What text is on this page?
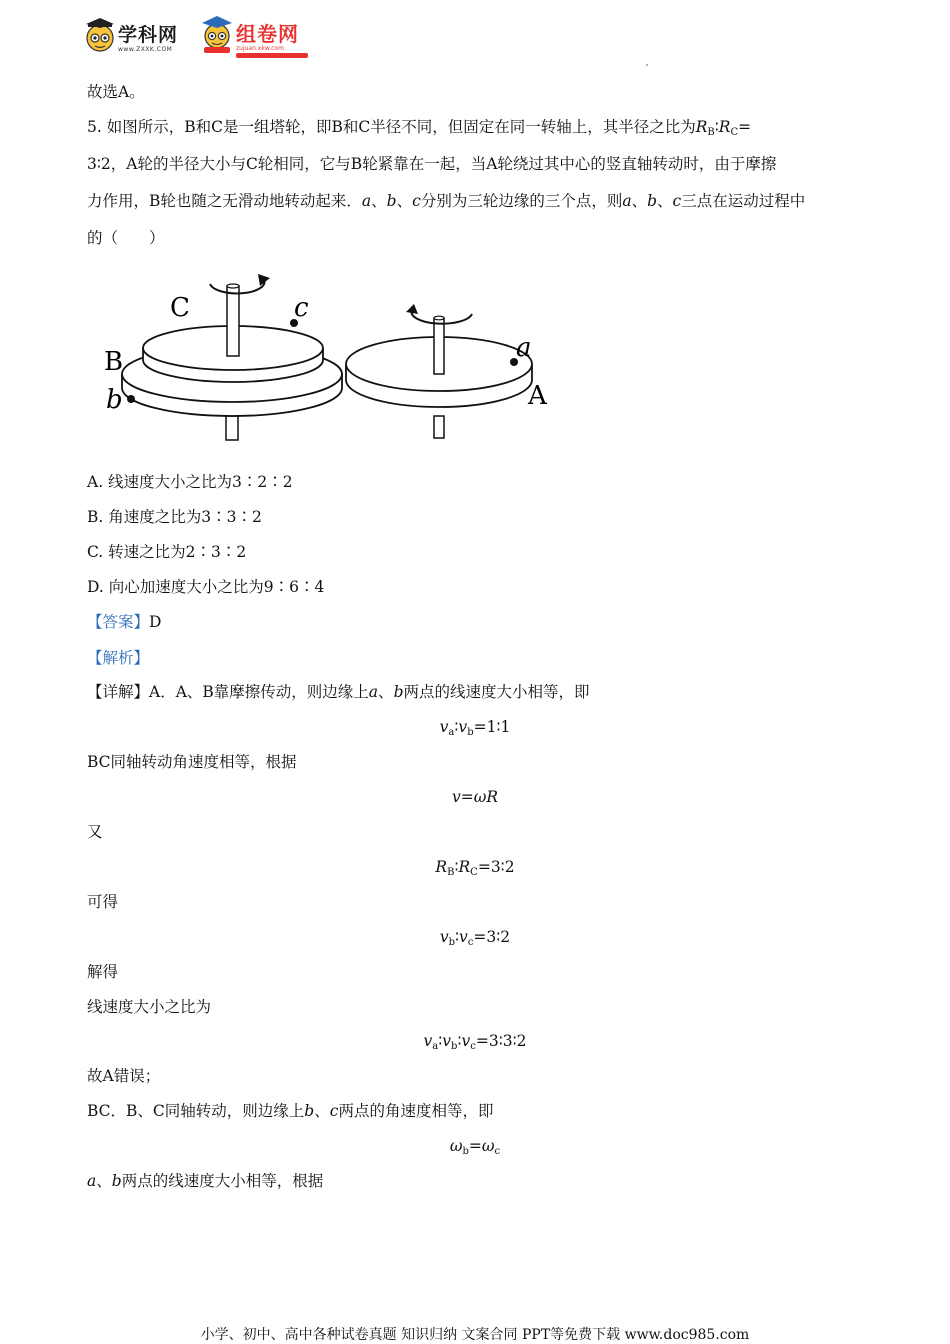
学科网
www.ZXXK.COM
组卷网
zujuan.xkw.com
故选A。
5. 如图所示，B和C是一组塔轮，即B和C半径不同，但固定在同一转轴上，其半径之比为$R_B∶R_C=$
3∶2，A轮的半径大小与C轮相同，它与B轮紧靠在一起，当A轮绕过其中心的竖直轴转动时，由于摩擦
力作用，B轮也随之无滑动地转动起来．a、b、c分别为三轮边缘的三个点，则a、b、c三点在运动过程中
的（　　）
C
B
A
c
b
a
A. 线速度大小之比为3∶2∶2
B. 角速度之比为3∶3∶2
C. 转速之比为2∶3∶2
D. 向心加速度大小之比为9∶6∶4
【答案】D
【解析】
【详解】A．A、B靠摩擦传动，则边缘上a、b两点的线速度大小相等，即
$v_a∶v_b=1∶1$
BC同轴转动角速度相等，根据
v=ωR
又
$R_B∶R_C=3∶2$
可得
$v_b∶v_c=3∶2$
解得
线速度大小之比为
$v_a∶v_b∶v_c=3∶3∶2$
故A错误；
BC．B、C同轴转动，则边缘上b、c两点的角速度相等，即
$\omega_b=\omega_c$
a、b两点的线速度大小相等，根据
小学、初中、高中各种试卷真题 知识归纳 文案合同 PPT等免费下载 www.doc985.com
